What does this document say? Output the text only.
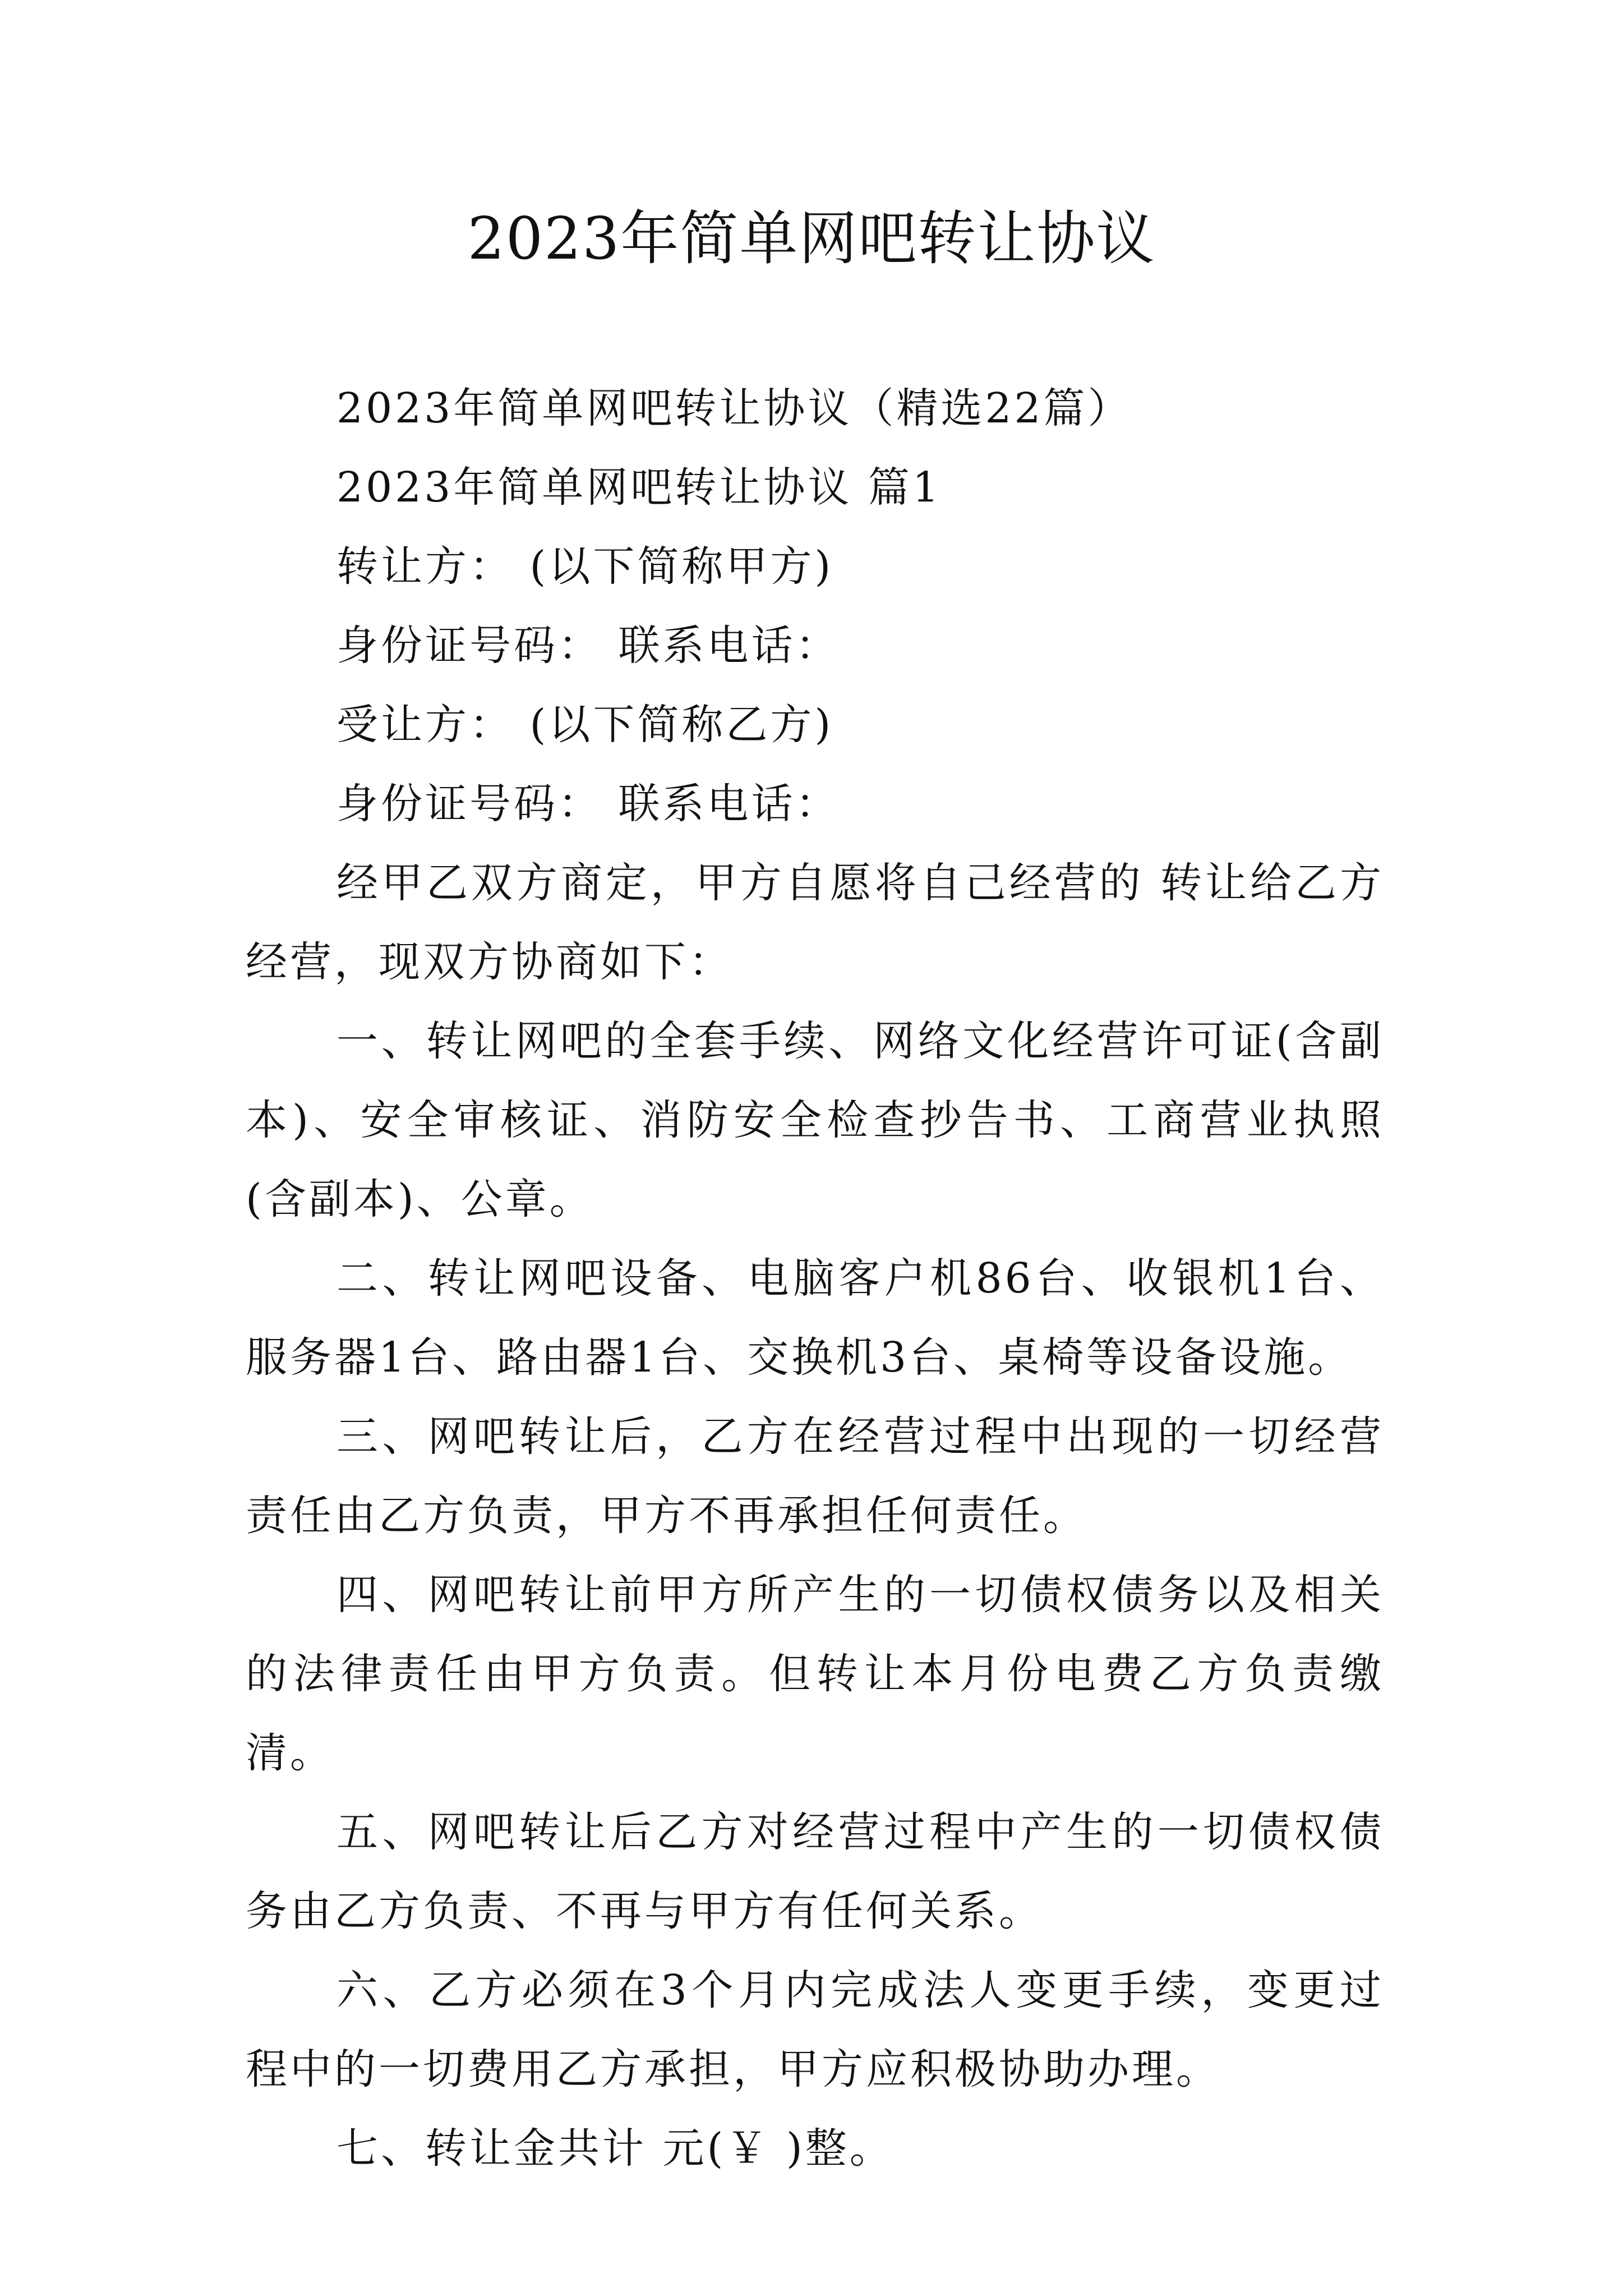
2023年简单网吧转让协议

2023年简单网吧转让协议（精选22篇）

2023年简单网吧转让协议 篇1

转让方： (以下简称甲方)

身份证号码： 联系电话：

受让方： (以下简称乙方)

身份证号码： 联系电话：

经甲乙双方商定，甲方自愿将自己经营的 转让给乙方经营，现双方协商如下：

一、转让网吧的全套手续、网络文化经营许可证(含副本)、安全审核证、消防安全检查抄告书、工商营业执照(含副本)、公章。

二、转让网吧设备、电脑客户机86台、收银机1台、服务器1台、路由器1台、交换机3台、桌椅等设备设施。

三、网吧转让后，乙方在经营过程中出现的一切经营责任由乙方负责，甲方不再承担任何责任。

四、网吧转让前甲方所产生的一切债权债务以及相关的法律责任由甲方负责。但转让本月份电费乙方负责缴清。

五、网吧转让后乙方对经营过程中产生的一切债权债务由乙方负责、不再与甲方有任何关系。

六、乙方必须在3个月内完成法人变更手续，变更过程中的一切费用乙方承担，甲方应积极协助办理。

七、转让金共计 元(￥ )整。
